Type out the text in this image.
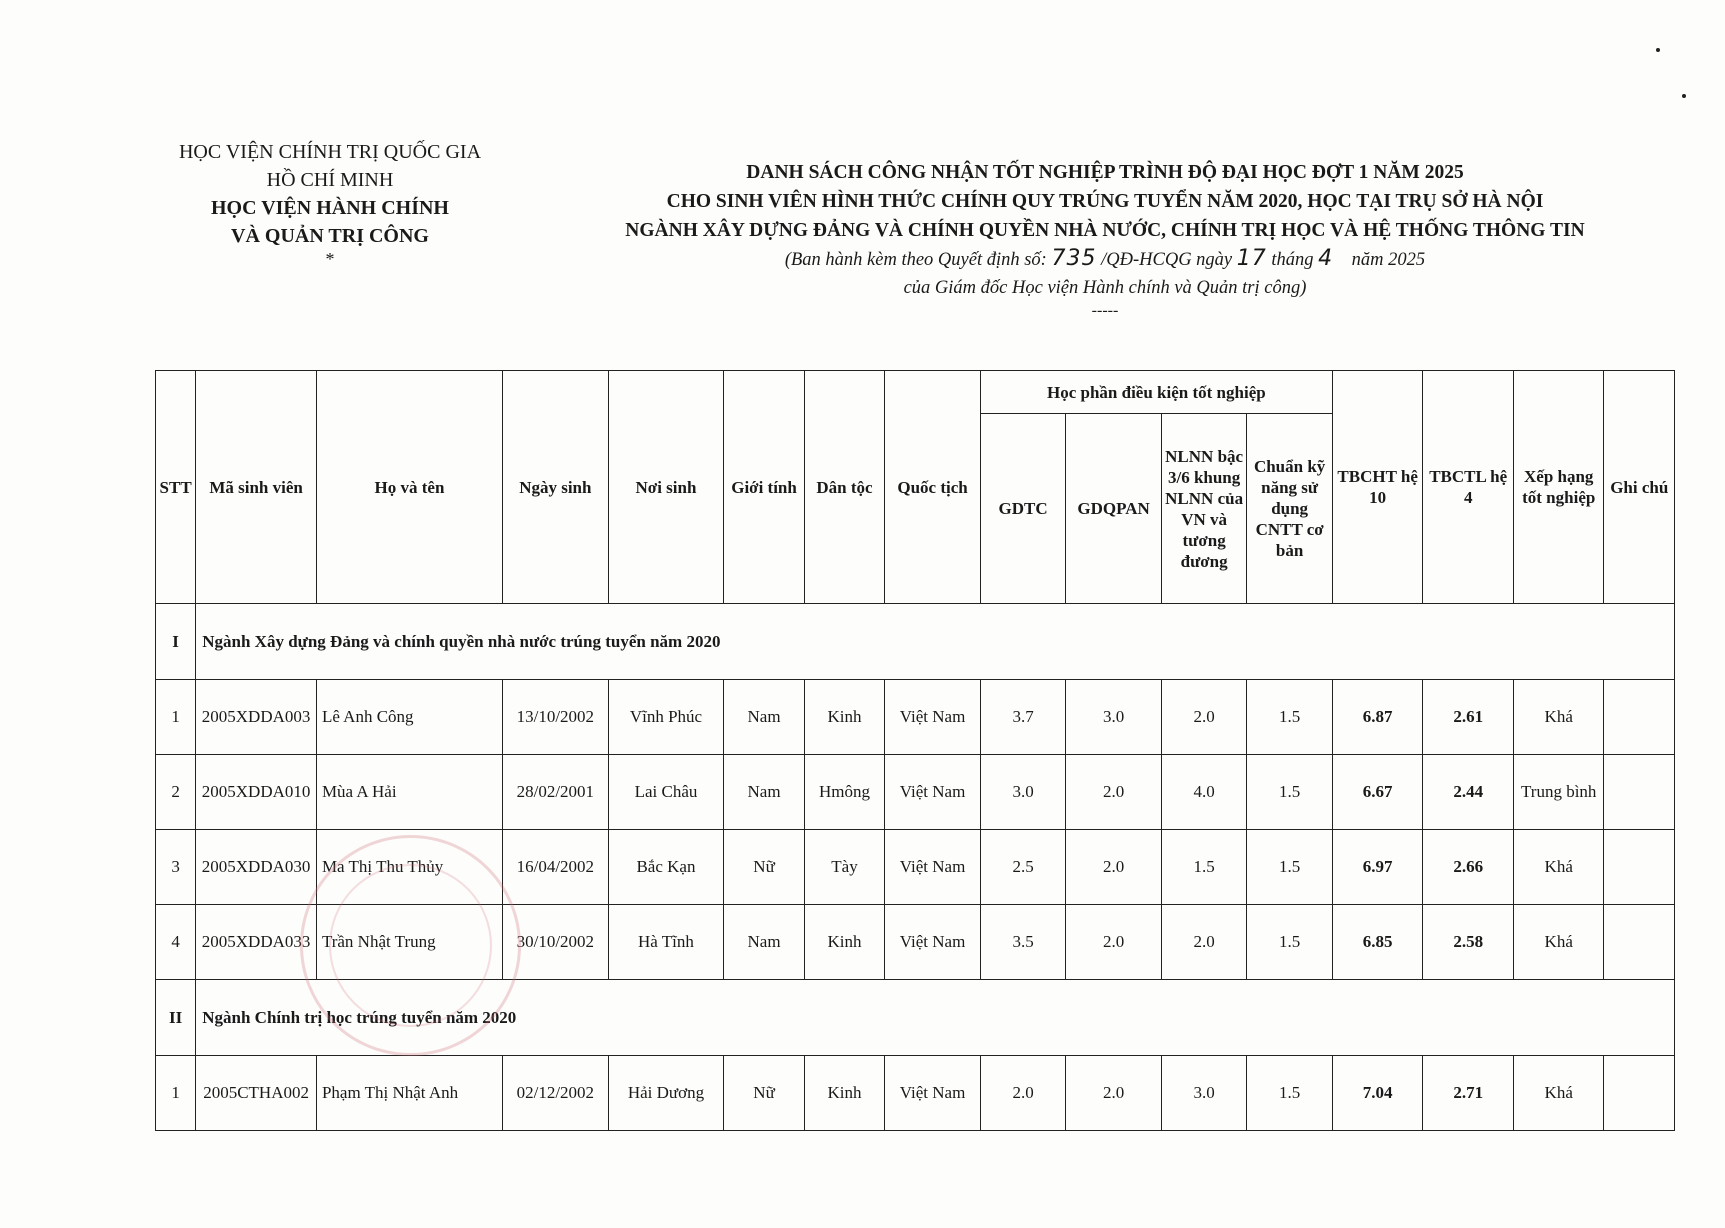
HỌC VIỆN CHÍNH TRỊ QUỐC GIA
HỒ CHÍ MINH
HỌC VIỆN HÀNH CHÍNH
VÀ QUẢN TRỊ CÔNG
*
DANH SÁCH CÔNG NHẬN TỐT NGHIỆP TRÌNH ĐỘ ĐẠI HỌC ĐỢT 1 NĂM 2025
CHO SINH VIÊN HÌNH THỨC CHÍNH QUY TRÚNG TUYỂN NĂM 2020, HỌC TẠI TRỤ SỞ HÀ NỘI
NGÀNH XÂY DỰNG ĐẢNG VÀ CHÍNH QUYỀN NHÀ NƯỚC, CHÍNH TRỊ HỌC VÀ HỆ THỐNG THÔNG TIN
(Ban hành kèm theo Quyết định số: 735 /QĐ-HCQG ngày 17 tháng 4 năm 2025
của Giám đốc Học viện Hành chính và Quản trị công)
-----
STT	Mã sinh viên	Họ và tên	Ngày sinh	Nơi sinh	Giới tính	Dân tộc	Quốc tịch	Học phần điều kiện tốt nghiệp				TBCHT hệ 10	TBCTL hệ 4	Xếp hạng tốt nghiệp	Ghi chú
								GDTC	GDQPAN	NLNN bậc 3/6 khung NLNN của VN và tương đương	Chuẩn kỹ năng sử dụng CNTT cơ bản				
I	Ngành Xây dựng Đảng và chính quyền nhà nước trúng tuyển năm 2020														
1	2005XDDA003	Lê Anh Công	13/10/2002	Vĩnh Phúc	Nam	Kinh	Việt Nam	3.7	3.0	2.0	1.5	6.87	2.61	Khá	
2	2005XDDA010	Mùa A Hải	28/02/2001	Lai Châu	Nam	Hmông	Việt Nam	3.0	2.0	4.0	1.5	6.67	2.44	Trung bình	
3	2005XDDA030	Ma Thị Thu Thủy	16/04/2002	Bắc Kạn	Nữ	Tày	Việt Nam	2.5	2.0	1.5	1.5	6.97	2.66	Khá	
4	2005XDDA033	Trần Nhật Trung	30/10/2002	Hà Tĩnh	Nam	Kinh	Việt Nam	3.5	2.0	2.0	1.5	6.85	2.58	Khá	
II	Ngành Chính trị học trúng tuyển năm 2020														
1	2005CTHA002	Phạm Thị Nhật Anh	02/12/2002	Hải Dương	Nữ	Kinh	Việt Nam	2.0	2.0	3.0	1.5	7.04	2.71	Khá	
